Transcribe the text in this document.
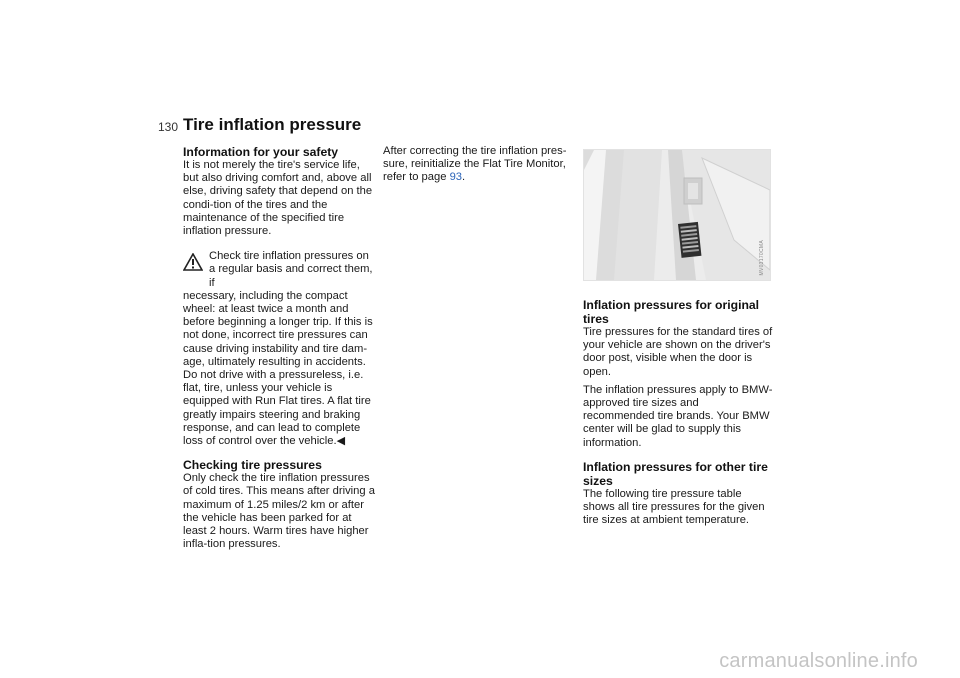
130 Tire inflation pressure

Information for your safety

It is not merely the tire's service life, but also driving comfort and, above all else, driving safety that depend on the condi-tion of the tires and the maintenance of the specified tire inflation pressure.

Check tire inflation pressures on a regular basis and correct them, if

necessary, including the compact wheel: at least twice a month and before beginning a longer trip. If this is not done, incorrect tire pressures can cause driving instability and tire dam-age, ultimately resulting in accidents. Do not drive with a pressureless, i.e. flat, tire, unless your vehicle is equipped with Run Flat tires. A flat tire greatly impairs steering and braking response, and can lead to complete loss of control over the vehicle.◀

Checking tire pressures

Only check the tire inflation pressures of cold tires. This means after driving a maximum of 1.25 miles/2 km or after the vehicle has been parked for at least 2 hours. Warm tires have higher infla-tion pressures.

After correcting the tire inflation pres-sure, reinitialize the Flat Tire Monitor, refer to page 93.

MV03170CMA

Inflation pressures for original tires

Tire pressures for the standard tires of your vehicle are shown on the driver's door post, visible when the door is open.

The inflation pressures apply to BMW-approved tire sizes and recommended tire brands. Your BMW center will be glad to supply this information.

Inflation pressures for other tire sizes

The following tire pressure table shows all tire pressures for the given tire sizes at ambient temperature.

carmanualsonline.info
